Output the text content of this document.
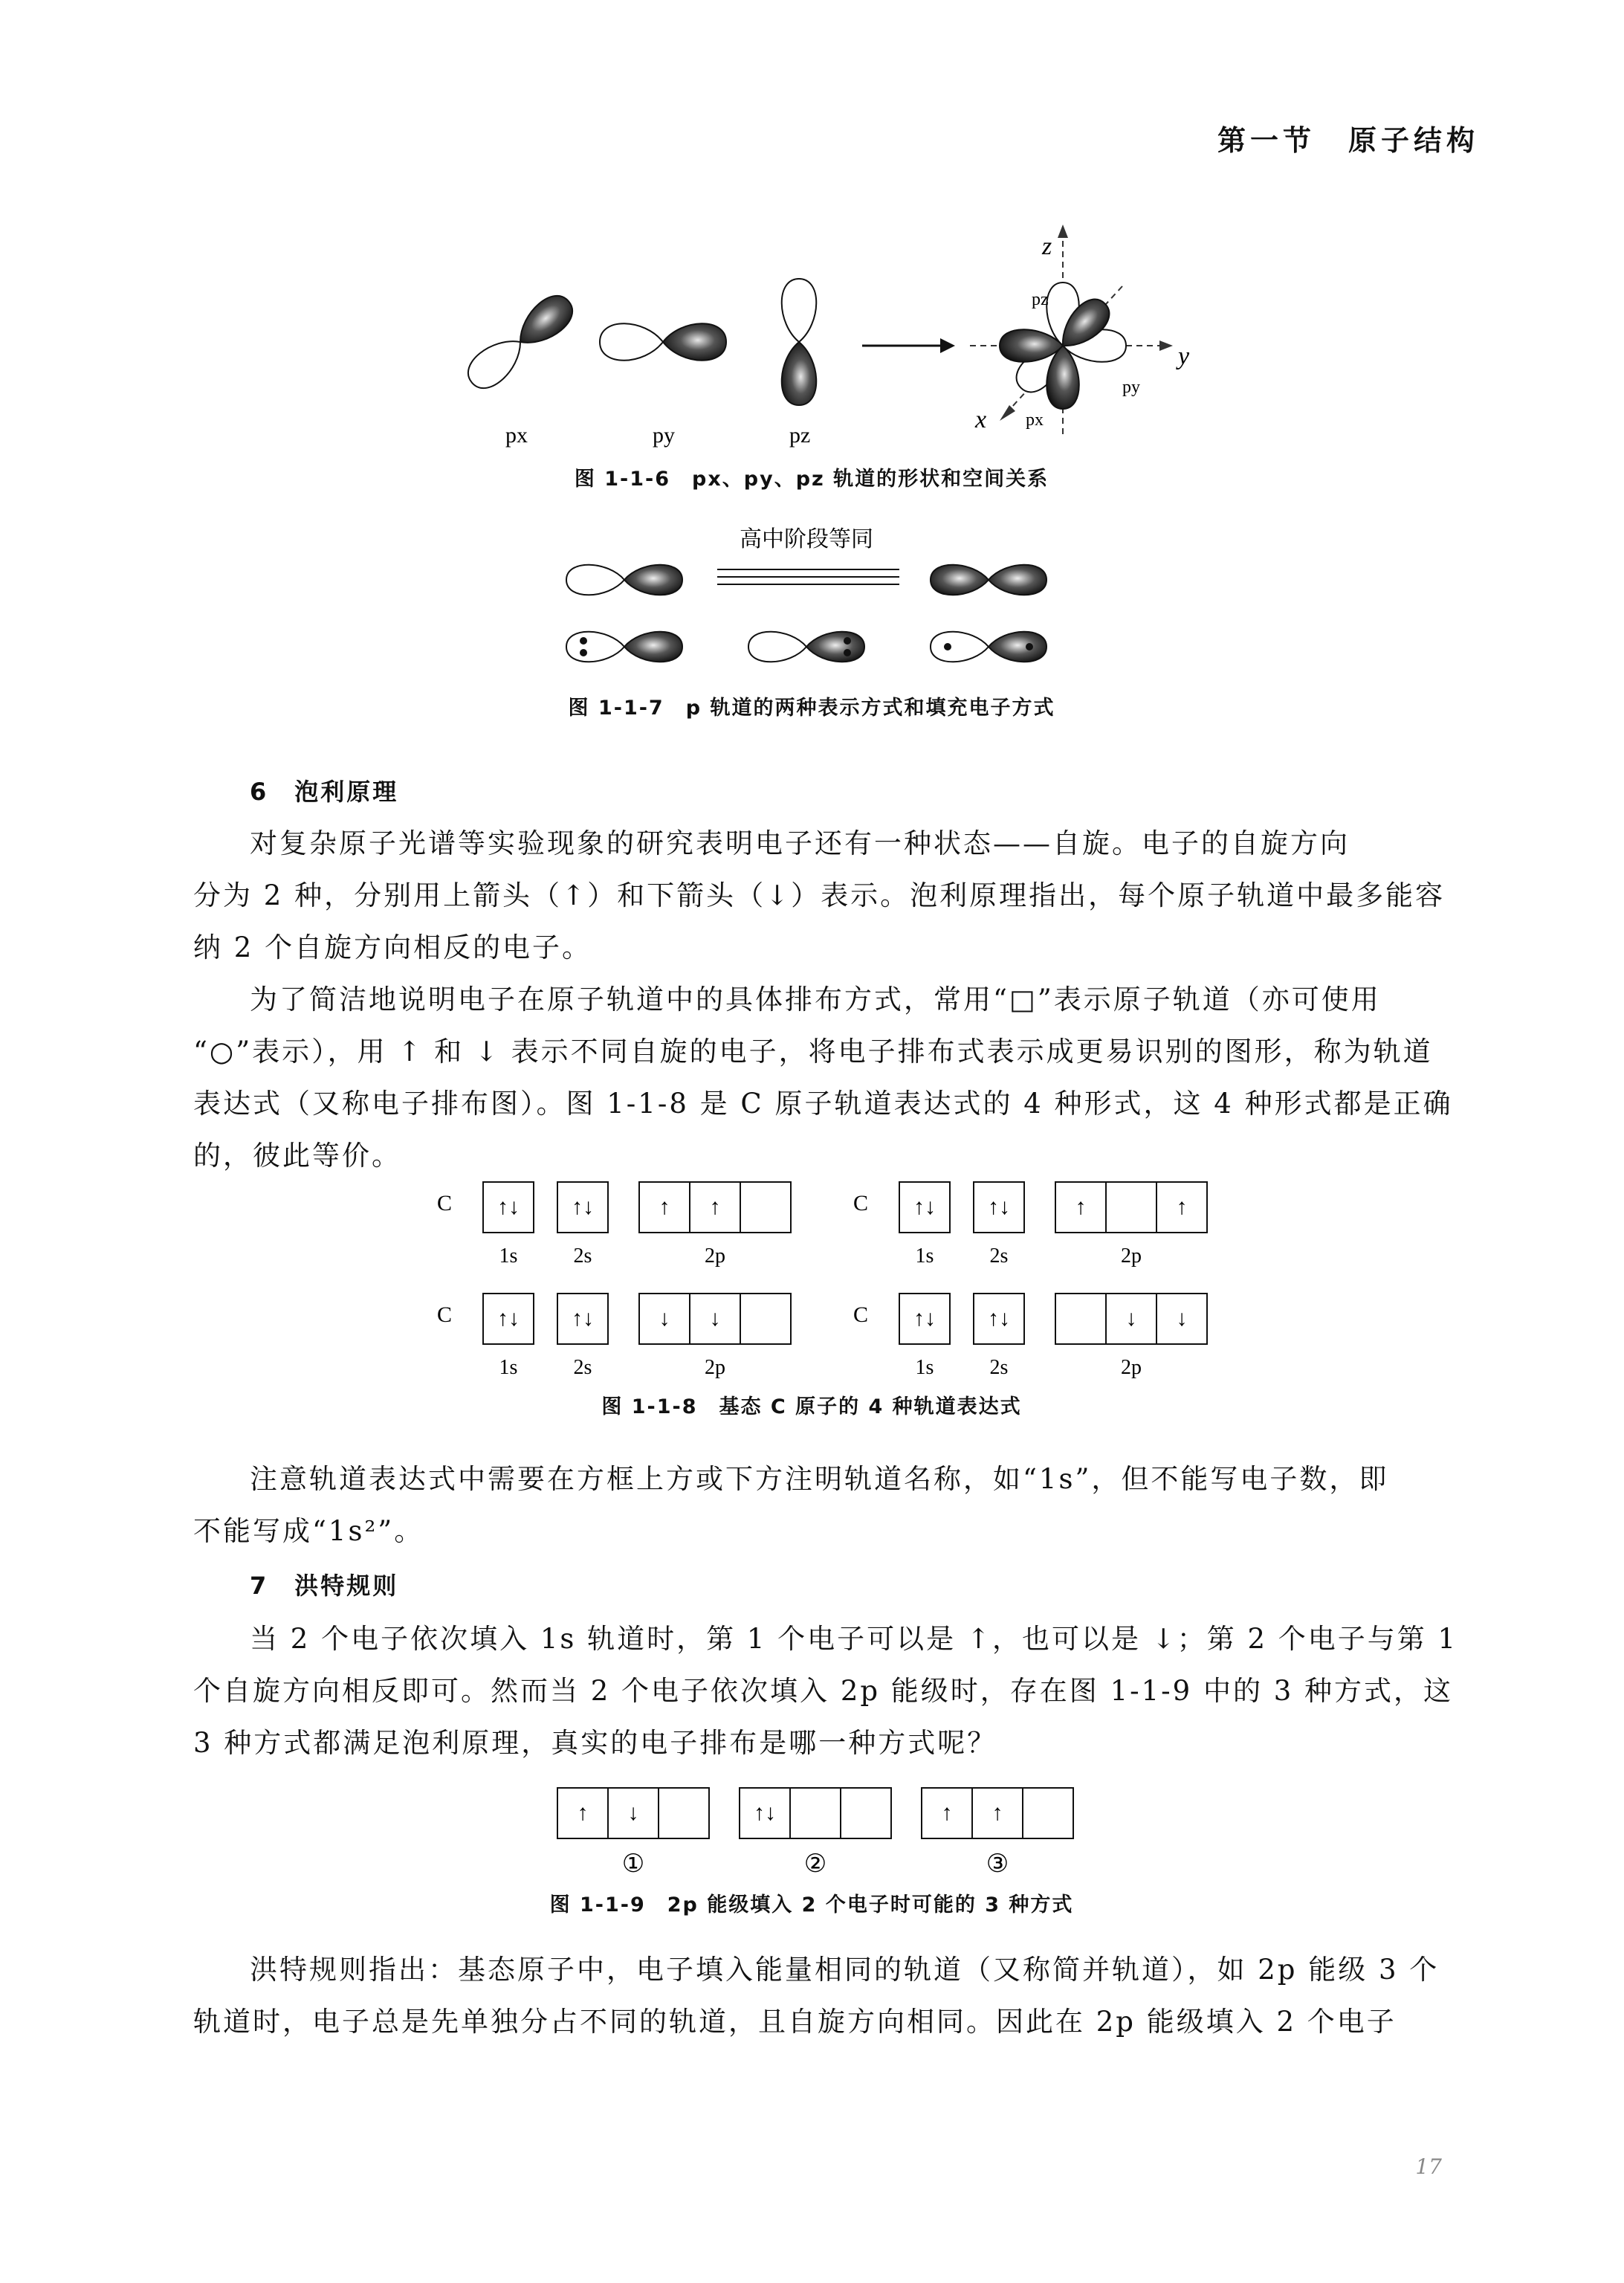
第一节　原子结构
z
y
x
pz
py
px
px	py	pz
图 1-1-6　px、py、pz 轨道的形状和空间关系
高中阶段等同
图 1-1-7　p 轨道的两种表示方式和填充电子方式
6　泡利原理
对复杂原子光谱等实验现象的研究表明电子还有一种状态——自旋。电子的自旋方向
分为 2 种，分别用上箭头（↑）和下箭头（↓）表示。泡利原理指出，每个原子轨道中最多能容
纳 2 个自旋方向相反的电子。
为了简洁地说明电子在原子轨道中的具体排布方式，常用“□”表示原子轨道（亦可使用
“○”表示），用 ↑ 和 ↓ 表示不同自旋的电子，将电子排布式表示成更易识别的图形，称为轨道
表达式（又称电子排布图）。图 1-1-8 是 C 原子轨道表达式的 4 种形式，这 4 种形式都是正确
的，彼此等价。
C ↑↓ ↑↓	↑ ↑
1s	2s	2p
C ↑↓ ↑↓	↑	↑
1s	2s	2p
C ↑↓ ↑↓	↓ ↓
1s	2s	2p
C ↑↓ ↑↓	↓ ↓
1s	2s	2p
图 1-1-8　基态 C 原子的 4 种轨道表达式
注意轨道表达式中需要在方框上方或下方注明轨道名称，如“1s”，但不能写电子数，即
不能写成“1s²”。
7　洪特规则
当 2 个电子依次填入 1s 轨道时，第 1 个电子可以是 ↑，也可以是 ↓；第 2 个电子与第 1
个自旋方向相反即可。然而当 2 个电子依次填入 2p 能级时，存在图 1-1-9 中的 3 种方式，这
3 种方式都满足泡利原理，真实的电子排布是哪一种方式呢？
↑ ↓
①
↑↓
②
↑ ↑
③
图 1-1-9　2p 能级填入 2 个电子时可能的 3 种方式
洪特规则指出：基态原子中，电子填入能量相同的轨道（又称简并轨道），如 2p 能级 3 个
轨道时，电子总是先单独分占不同的轨道，且自旋方向相同。因此在 2p 能级填入 2 个电子
17
